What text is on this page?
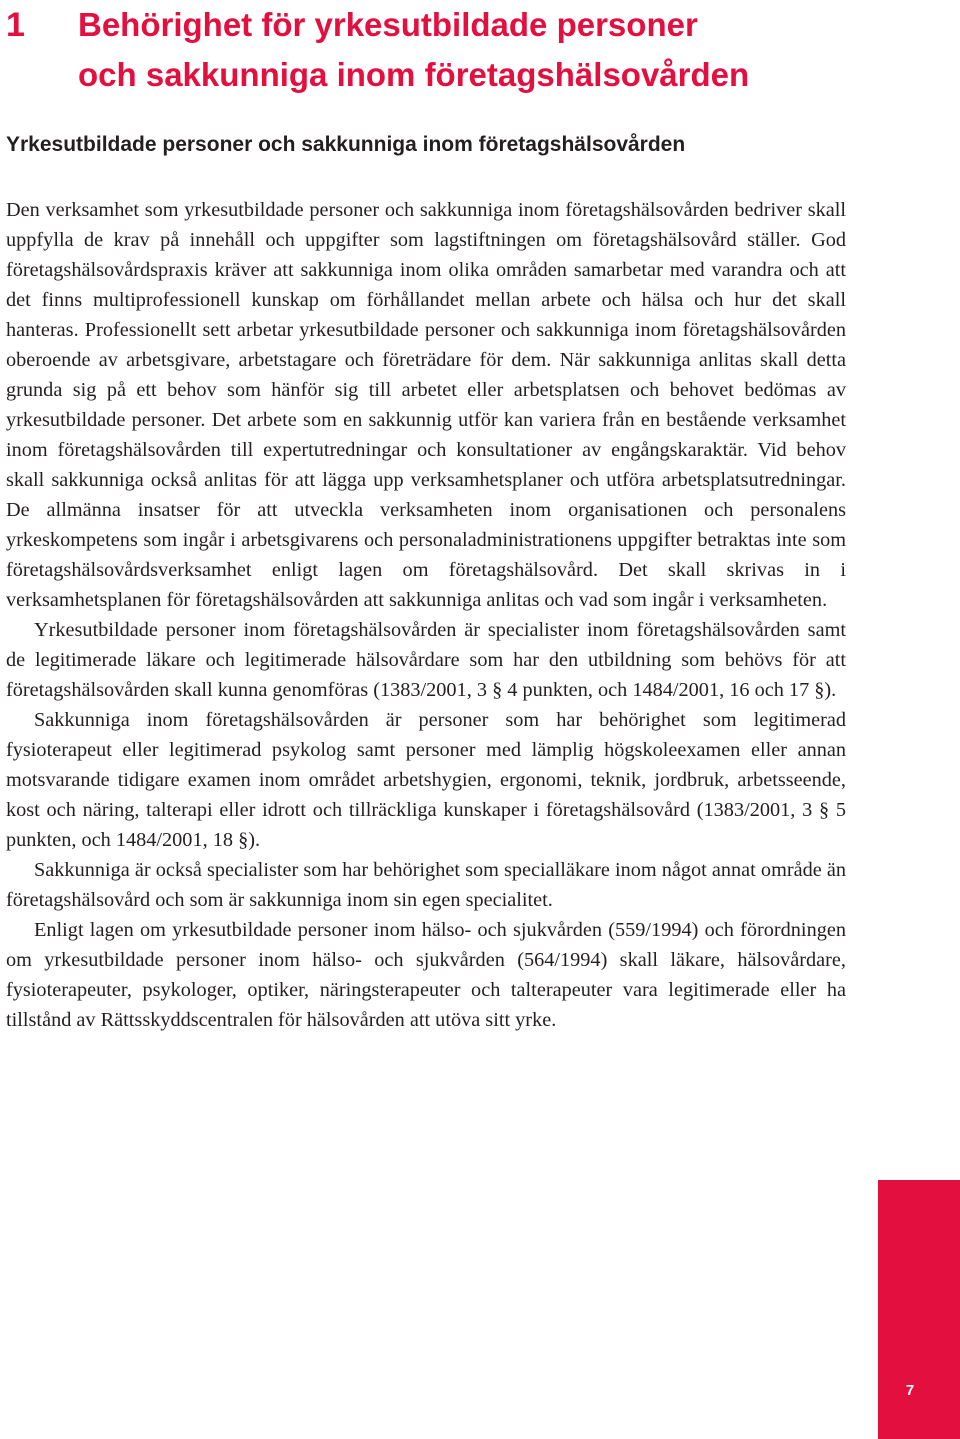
1	Behörighet för yrkesutbildade personer
och sakkunniga inom företagshälsovården
Yrkesutbildade personer och sakkunniga inom företagshälsovården

Den verksamhet som yrkesutbildade personer och sakkunniga inom företagshälsovården bedriver skall uppfylla de krav på innehåll och uppgifter som lagstiftningen om företagshälsovård ställer. God företagshälsovårdspraxis kräver att sakkunniga inom olika områden samarbetar med varandra och att det finns multiprofessionell kunskap om förhållandet mellan arbete och hälsa och hur det skall hanteras. Professionellt sett arbetar yrkesutbildade personer och sakkunniga inom företagshälsovården oberoende av arbetsgivare, arbetstagare och företrädare för dem. När sakkunniga anlitas skall detta grunda sig på ett behov som hänför sig till arbetet eller arbetsplatsen och behovet bedömas av yrkesutbildade personer. Det arbete som en sakkunnig utför kan variera från en bestående verksamhet inom företagshälsovården till expertutredningar och konsultationer av engångskaraktär. Vid behov skall sakkunniga också anlitas för att lägga upp verksamhetsplaner och utföra arbetsplatsutredningar. De allmänna insatser för att utveckla verksamheten inom organisationen och personalens yrkeskompetens som ingår i arbetsgivarens och personaladministrationens uppgifter betraktas inte som företagshälsovårdsverksamhet enligt lagen om företagshälsovård. Det skall skrivas in i verksamhetsplanen för företagshälsovården att sakkunniga anlitas och vad som ingår i verksamheten.

Yrkesutbildade personer inom företagshälsovården är specialister inom företagshälsovården samt de legitimerade läkare och legitimerade hälsovårdare som har den utbildning som behövs för att företagshälsovården skall kunna genomföras (1383/2001, 3 § 4 punkten, och 1484/2001, 16 och 17 §).

Sakkunniga inom företagshälsovården är personer som har behörighet som legitimerad fysioterapeut eller legitimerad psykolog samt personer med lämplig högskoleexamen eller annan motsvarande tidigare examen inom området arbetshygien, ergonomi, teknik, jordbruk, arbetsseende, kost och näring, talterapi eller idrott och tillräckliga kunskaper i företagshälsovård (1383/2001, 3 § 5 punkten, och 1484/2001, 18 §).

Sakkunniga är också specialister som har behörighet som specialläkare inom något annat område än företagshälsovård och som är sakkunniga inom sin egen specialitet.

Enligt lagen om yrkesutbildade personer inom hälso- och sjukvården (559/1994) och förordningen om yrkesutbildade personer inom hälso- och sjukvården (564/1994) skall läkare, hälsovårdare, fysioterapeuter, psykologer, optiker, näringsterapeuter och talterapeuter vara legitimerade eller ha tillstånd av Rättsskyddscentralen för hälsovården att utöva sitt yrke.

7
